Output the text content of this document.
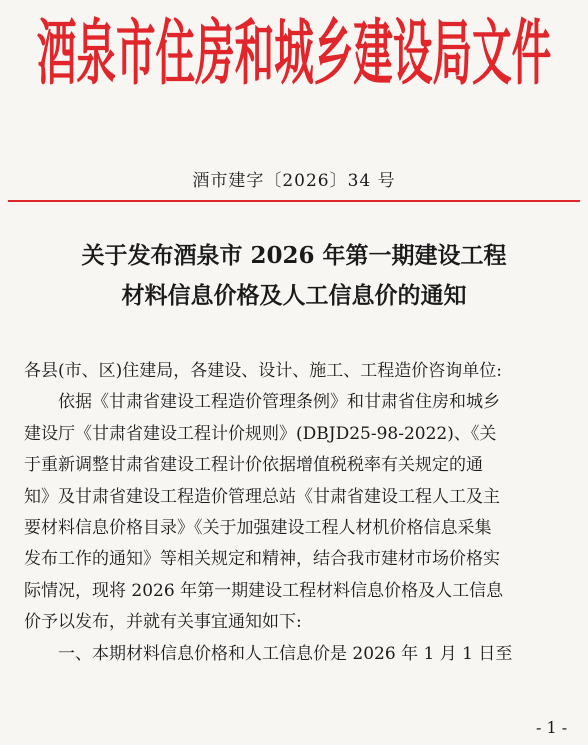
酒泉市住房和城乡建设局文件
酒市建字〔2026〕34 号
关于发布酒泉市 2026 年第一期建设工程
材料信息价格及人工信息价的通知
各县(市、区)住建局，各建设、设计、施工、工程造价咨询单位:
依据《甘肃省建设工程造价管理条例》和甘肃省住房和城乡
建设厅《甘肃省建设工程计价规则》(DBJD25-98-2022)、《关
于重新调整甘肃省建设工程计价依据增值税税率有关规定的通
知》及甘肃省建设工程造价管理总站《甘肃省建设工程人工及主
要材料信息价格目录》《关于加强建设工程人材机价格信息采集
发布工作的通知》等相关规定和精神，结合我市建材市场价格实
际情况，现将 2026 年第一期建设工程材料信息价格及人工信息
价予以发布，并就有关事宜通知如下:
一、本期材料信息价格和人工信息价是 2026 年 1 月 1 日至
- 1 -
